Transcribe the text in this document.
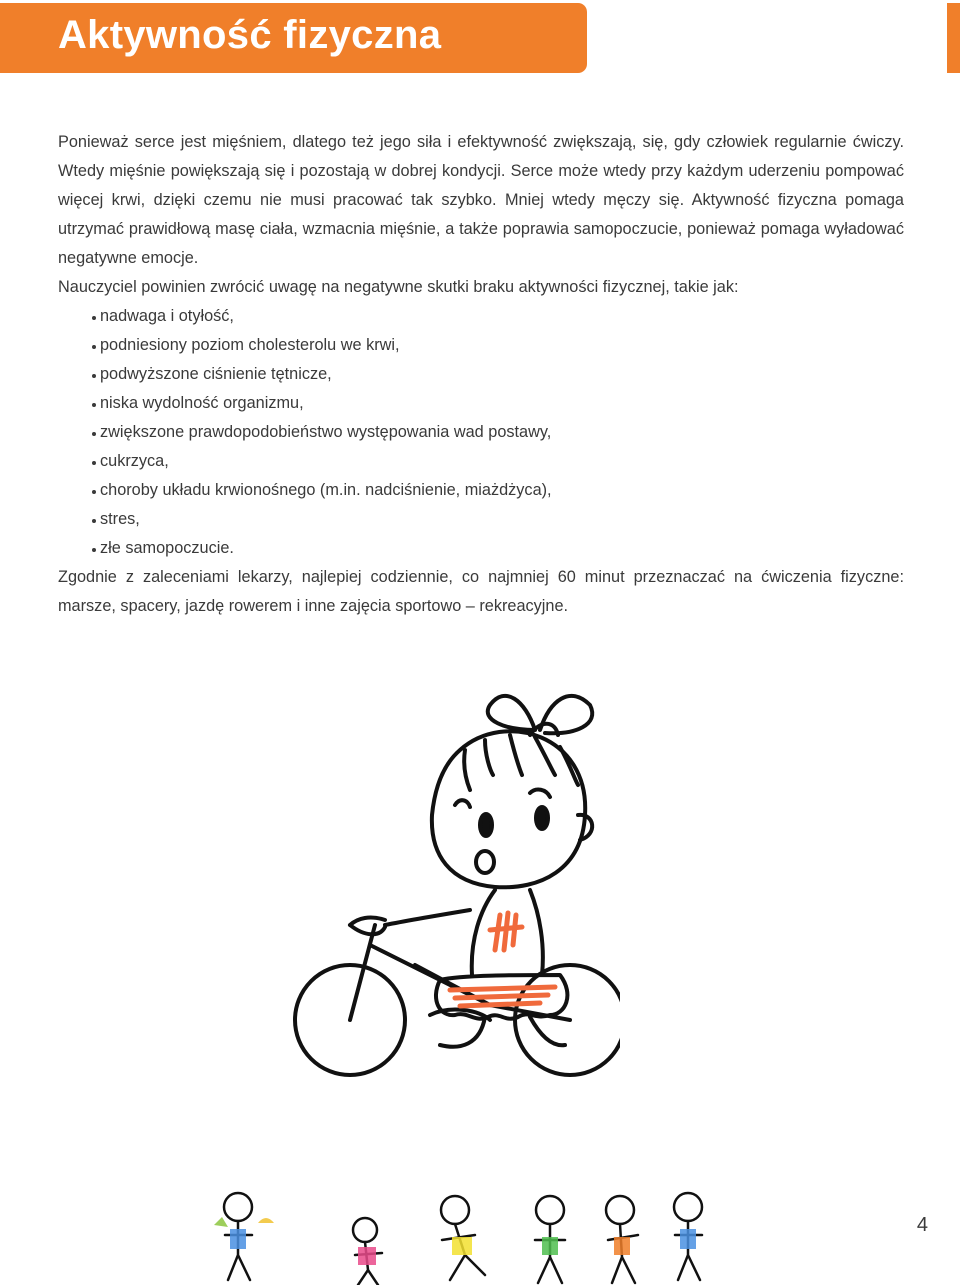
Aktywność fizyczna

Ponieważ serce jest mięśniem, dlatego też jego siła i efektywność zwiększają, się, gdy człowiek regularnie ćwiczy. Wtedy mięśnie powiększają się i pozostają w dobrej kondycji. Serce może wtedy przy każdym uderzeniu pompować więcej krwi, dzięki czemu nie musi pracować tak szybko. Mniej wtedy męczy się. Aktywność fizyczna pomaga utrzymać prawidłową masę ciała, wzmacnia mięśnie, a także poprawia samopoczucie, ponieważ pomaga wyładować negatywne emocje.

Nauczyciel powinien zwrócić uwagę na negatywne skutki braku aktywności fizycznej, takie jak:

nadwaga i otyłość,
podniesiony poziom cholesterolu we krwi,
podwyższone ciśnienie tętnicze,
niska wydolność organizmu,
zwiększone prawdopodobieństwo występowania wad postawy,
cukrzyca,
choroby układu krwionośnego (m.in. nadciśnienie, miażdżyca),
stres,
złe samopoczucie.

Zgodnie z zaleceniami lekarzy, najlepiej codziennie, co najmniej 60 minut przeznaczać na ćwiczenia fizyczne: marsze, spacery, jazdę rowerem i inne zajęcia sportowo – rekreacyjne.

4
